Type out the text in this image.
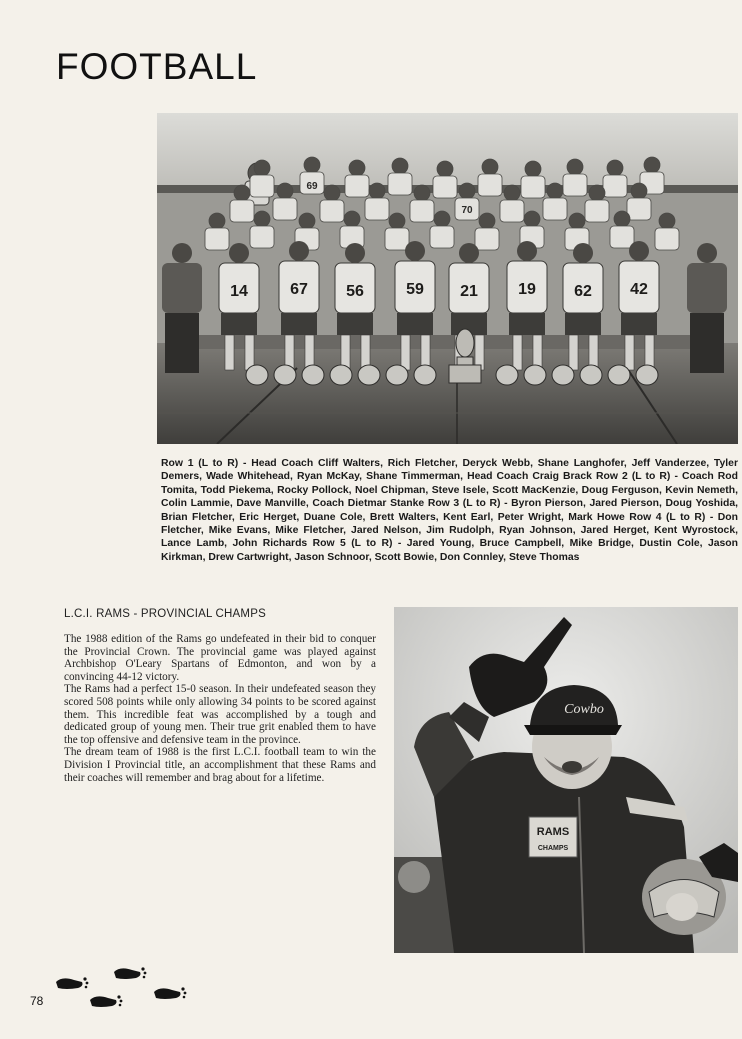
FOOTBALL
14	67 56	59 21	19 62 42
69
70
Row 1 (L to R) - Head Coach Cliff Walters, Rich Fletcher, Deryck Webb, Shane Langhofer, Jeff Vanderzee, Tyler Demers, Wade Whitehead, Ryan McKay, Shane Timmerman, Head Coach Craig Brack Row 2 (L to R) - Coach Rod Tomita, Todd Piekema, Rocky Pollock, Noel Chipman, Steve Isele, Scott MacKenzie, Doug Ferguson, Kevin Nemeth, Colin Lammie, Dave Manville, Coach Dietmar Stanke Row 3 (L to R) - Byron Pierson, Jared Pierson, Doug Yoshida, Brian Fletcher, Eric Herget, Duane Cole, Brett Walters, Kent Earl, Peter Wright, Mark Howe Row 4 (L to R) - Don Fletcher, Mike Evans, Mike Fletcher, Jared Nelson, Jim Rudolph, Ryan Johnson, Jared Herget, Kent Wyrostock, Lance Lamb, John Richards Row 5 (L to R) - Jared Young, Bruce Campbell, Mike Bridge, Dustin Cole, Jason Kirkman, Drew Cartwright, Jason Schnoor, Scott Bowie, Don Connley, Steve Thomas
L.C.I. RAMS - PROVINCIAL CHAMPS

The 1988 edition of the Rams go undefeated in their bid to conquer the Provincial Crown. The provincial game was played against Archbishop O'Leary Spartans of Edmonton, and won by a convincing 44-12 victory.

The Rams had a perfect 15-0 season. In their undefeated season they scored 508 points while only allowing 34 points to be scored against them. This incredible feat was accomplished by a tough and dedicated group of young men. Their true grit enabled them to have the top offensive and defensive team in the province.

The dream team of 1988 is the first L.C.I. football team to win the Division I Provincial title, an accomplishment that these Rams and their coaches will remember and brag about for a lifetime.

Cowbo
RAMS
CHAMPS
78
